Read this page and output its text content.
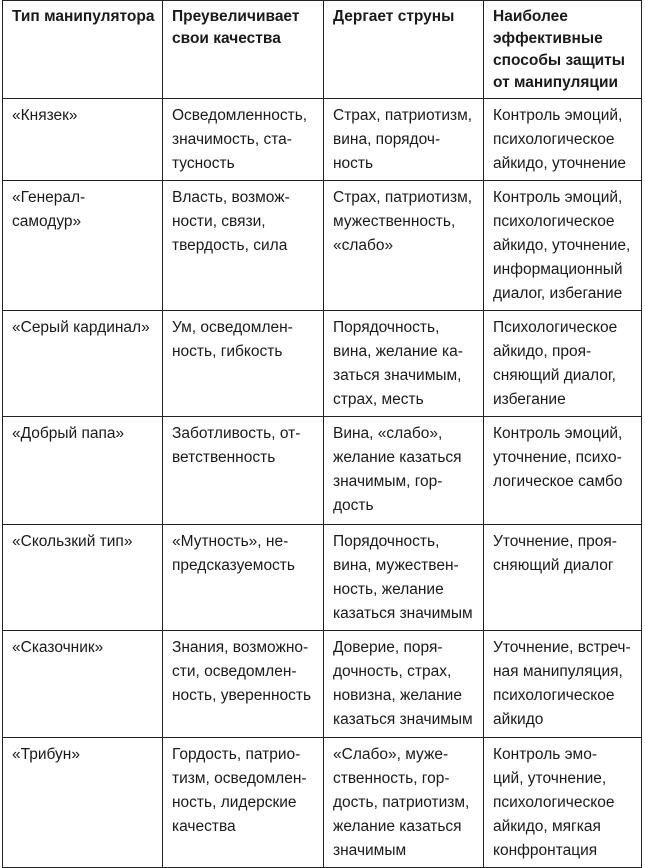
Тип манипулятора	Преувеличивает
свои качества	Дергает струны	Наиболее
эффективные
способы защиты
от манипуляции

«Князек»	Осведомленность,
значимость, ста-
тусность	Страх, патриотизм,
вина, порядоч-
ность	Контроль эмоций,
психологическое
айкидо, уточнение

«Генерал-
самодур»	Власть, возмож-
ности, связи,
твердость, сила	Страх, патриотизм,
мужественность,
«слабо»	Контроль эмоций,
психологическое
айкидо, уточнение,
информационный
диалог, избегание

«Серый кардинал»	Ум, осведомлен-
ность, гибкость	Порядочность,
вина, желание ка-
заться значимым,
страх, месть	Психологическое
айкидо, проя-
сняющий диалог,
избегание

«Добрый папа»	Заботливость, от-
ветственность	Вина, «слабо»,
желание казаться
значимым, гор-
дость	Контроль эмоций,
уточнение, психо-
логическое самбо

«Скользкий тип»	«Мутность», не-
предсказуемость	Порядочность,
вина, мужествен-
ность, желание
казаться значимым	Уточнение, проя-
сняющий диалог

«Сказочник»	Знания, возможно-
сти, осведомлен-
ность, уверенность	Доверие, поря-
дочность, страх,
новизна, желание
казаться значимым	Уточнение, встреч-
ная манипуляция,
психологическое
айкидо

«Трибун»	Гордость, патрио-
тизм, осведомлен-
ность, лидерские
качества	«Слабо», муже-
ственность, гор-
дость, патриотизм,
желание казаться
значимым	Контроль эмо-
ций, уточнение,
психологическое
айкидо, мягкая
конфронтация
